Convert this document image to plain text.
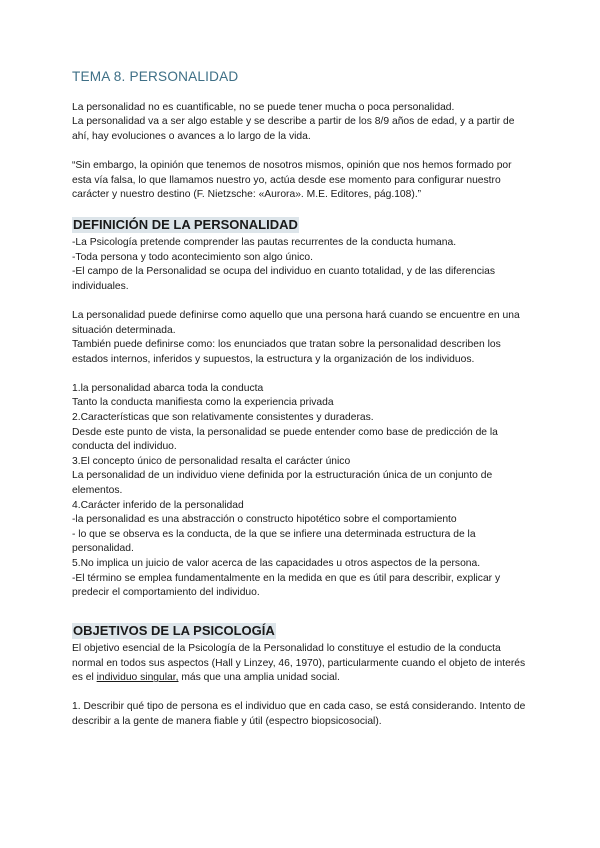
TEMA 8. PERSONALIDAD

La personalidad no es cuantificable, no se puede tener mucha o poca personalidad.

La personalidad va a ser algo estable y se describe a partir de los 8/9 años de edad, y a partir de ahí, hay evoluciones o avances a lo largo de la vida.

“Sin embargo, la opinión que tenemos de nosotros mismos, opinión que nos hemos formado por esta vía falsa, lo que llamamos nuestro yo, actúa desde ese momento para configurar nuestro carácter y nuestro destino (F. Nietzsche: «Aurora». M.E. Editores, pág.108).”

DEFINICIÓN DE LA PERSONALIDAD

-La Psicología pretende comprender las pautas recurrentes de la conducta humana.

-Toda persona y todo acontecimiento son algo único.

-El campo de la Personalidad se ocupa del individuo en cuanto totalidad, y de las diferencias individuales.

La personalidad puede definirse como aquello que una persona hará cuando se encuentre en una situación determinada.

También puede definirse como: los enunciados que tratan sobre la personalidad describen los estados internos, inferidos y supuestos, la estructura y la organización de los individuos.

1.la personalidad abarca toda la conducta

Tanto la conducta manifiesta como la experiencia privada

2.Características que son relativamente consistentes y duraderas.

Desde este punto de vista, la personalidad se puede entender como base de predicción de la conducta del individuo.

3.El concepto único de personalidad resalta el carácter único

La personalidad de un individuo viene definida por la estructuración única de un conjunto de elementos.

4.Carácter inferido de la personalidad

-la personalidad es una abstracción o constructo hipotético sobre el comportamiento

- lo que se observa es la conducta, de la que se infiere una determinada estructura de la personalidad.

5.No implica un juicio de valor acerca de las capacidades u otros aspectos de la persona.

-El término se emplea fundamentalmente en la medida en que es útil para describir, explicar y predecir el comportamiento del individuo.

OBJETIVOS DE LA PSICOLOGÍA

El objetivo esencial de la Psicología de la Personalidad lo constituye el estudio de la conducta normal en todos sus aspectos (Hall y Linzey, 46, 1970), particularmente cuando el objeto de interés es el individuo singular, más que una amplia unidad social.

1. Describir qué tipo de persona es el individuo que en cada caso, se está considerando. Intento de describir a la gente de manera fiable y útil (espectro biopsicosocial).
